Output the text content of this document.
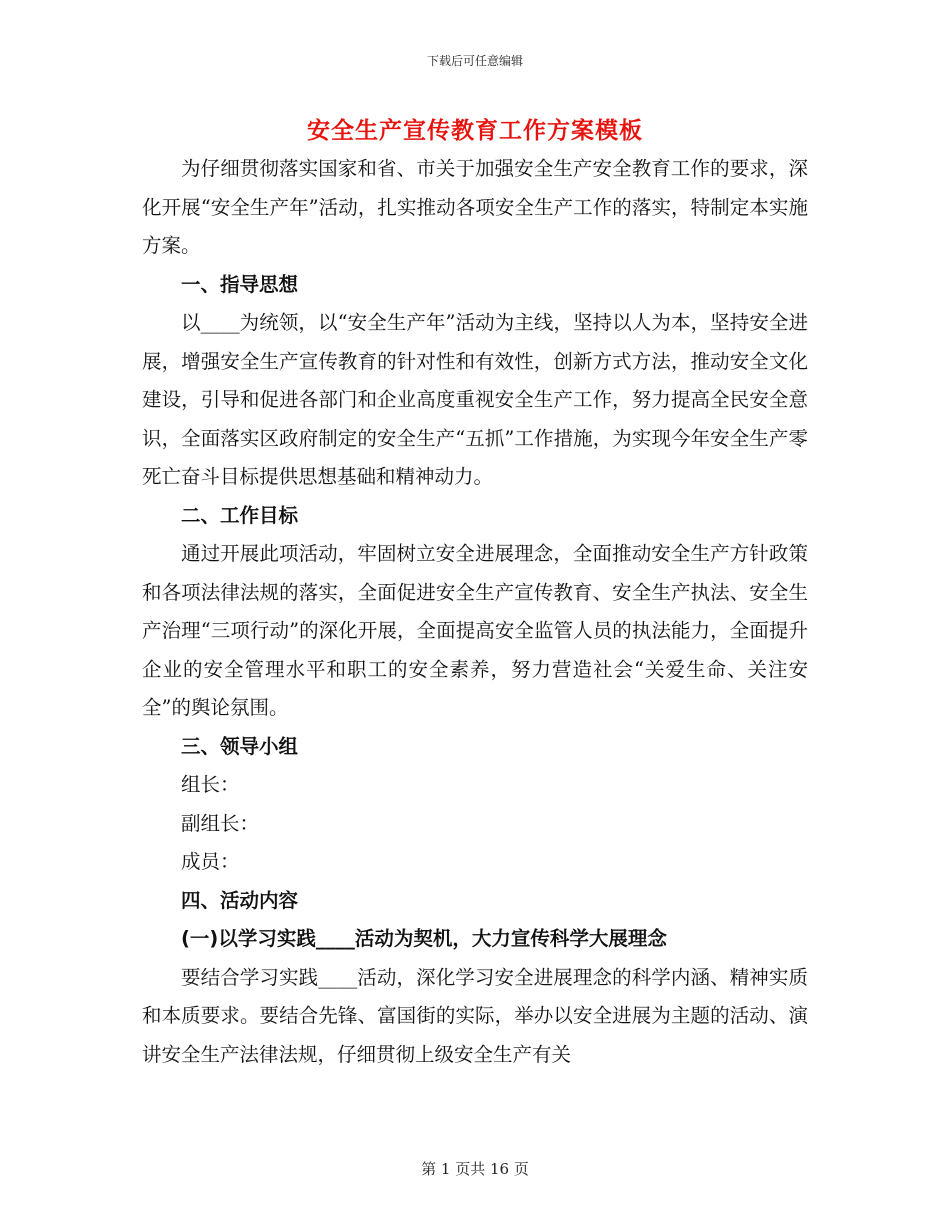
下载后可任意编辑
安全生产宣传教育工作方案模板

为仔细贯彻落实国家和省、市关于加强安全生产安全教育工作的要求，深化开展“安全生产年”活动，扎实推动各项安全生产工作的落实，特制定本实施方案。

一、指导思想

以____为统领，以“安全生产年”活动为主线，坚持以人为本，坚持安全进展，增强安全生产宣传教育的针对性和有效性，创新方式方法，推动安全文化建设，引导和促进各部门和企业高度重视安全生产工作，努力提高全民安全意识，全面落实区政府制定的安全生产“五抓”工作措施，为实现今年安全生产零死亡奋斗目标提供思想基础和精神动力。

二、工作目标

通过开展此项活动，牢固树立安全进展理念，全面推动安全生产方针政策和各项法律法规的落实，全面促进安全生产宣传教育、安全生产执法、安全生产治理“三项行动”的深化开展，全面提高安全监管人员的执法能力，全面提升企业的安全管理水平和职工的安全素养，努力营造社会“关爱生命、关注安全”的舆论氛围。

三、领导小组

组长：

副组长：

成员：

四、活动内容

(一)以学习实践____活动为契机，大力宣传科学大展理念

要结合学习实践____活动，深化学习安全进展理念的科学内涵、精神实质和本质要求。要结合先锋、富国街的实际，举办以安全进展为主题的活动、演讲安全生产法律法规，仔细贯彻上级安全生产有关

第 1 页共 16 页
